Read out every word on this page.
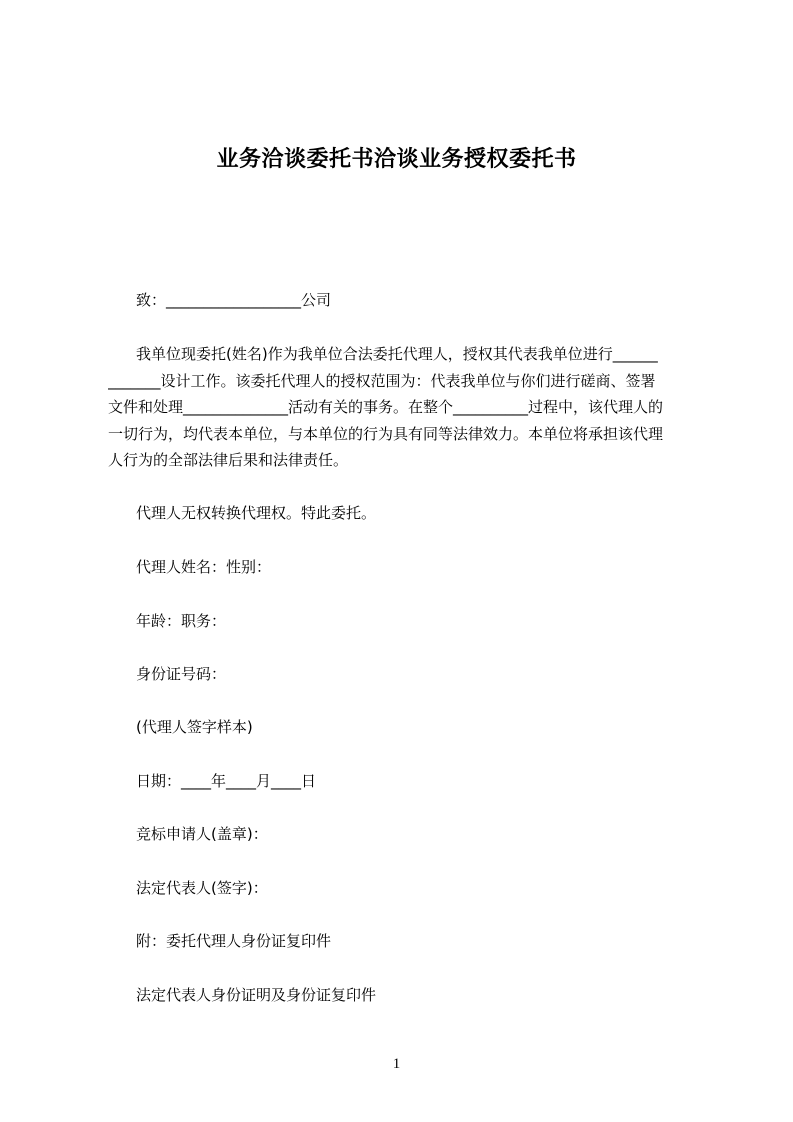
业务洽谈委托书洽谈业务授权委托书
致：__________________公司
我单位现委托(姓名)作为我单位合法委托代理人，授权其代表我单位进行______
_______设计工作。该委托代理人的授权范围为：代表我单位与你们进行磋商、签署
文件和处理______________活动有关的事务。在整个__________过程中，该代理人的
一切行为，均代表本单位，与本单位的行为具有同等法律效力。本单位将承担该代理
人行为的全部法律后果和法律责任。
代理人无权转换代理权。特此委托。
代理人姓名：性别：
年龄：职务：
身份证号码：
(代理人签字样本)
日期：____年____月____日
竞标申请人(盖章)：
法定代表人(签字)：
附：委托代理人身份证复印件
法定代表人身份证明及身份证复印件
1
